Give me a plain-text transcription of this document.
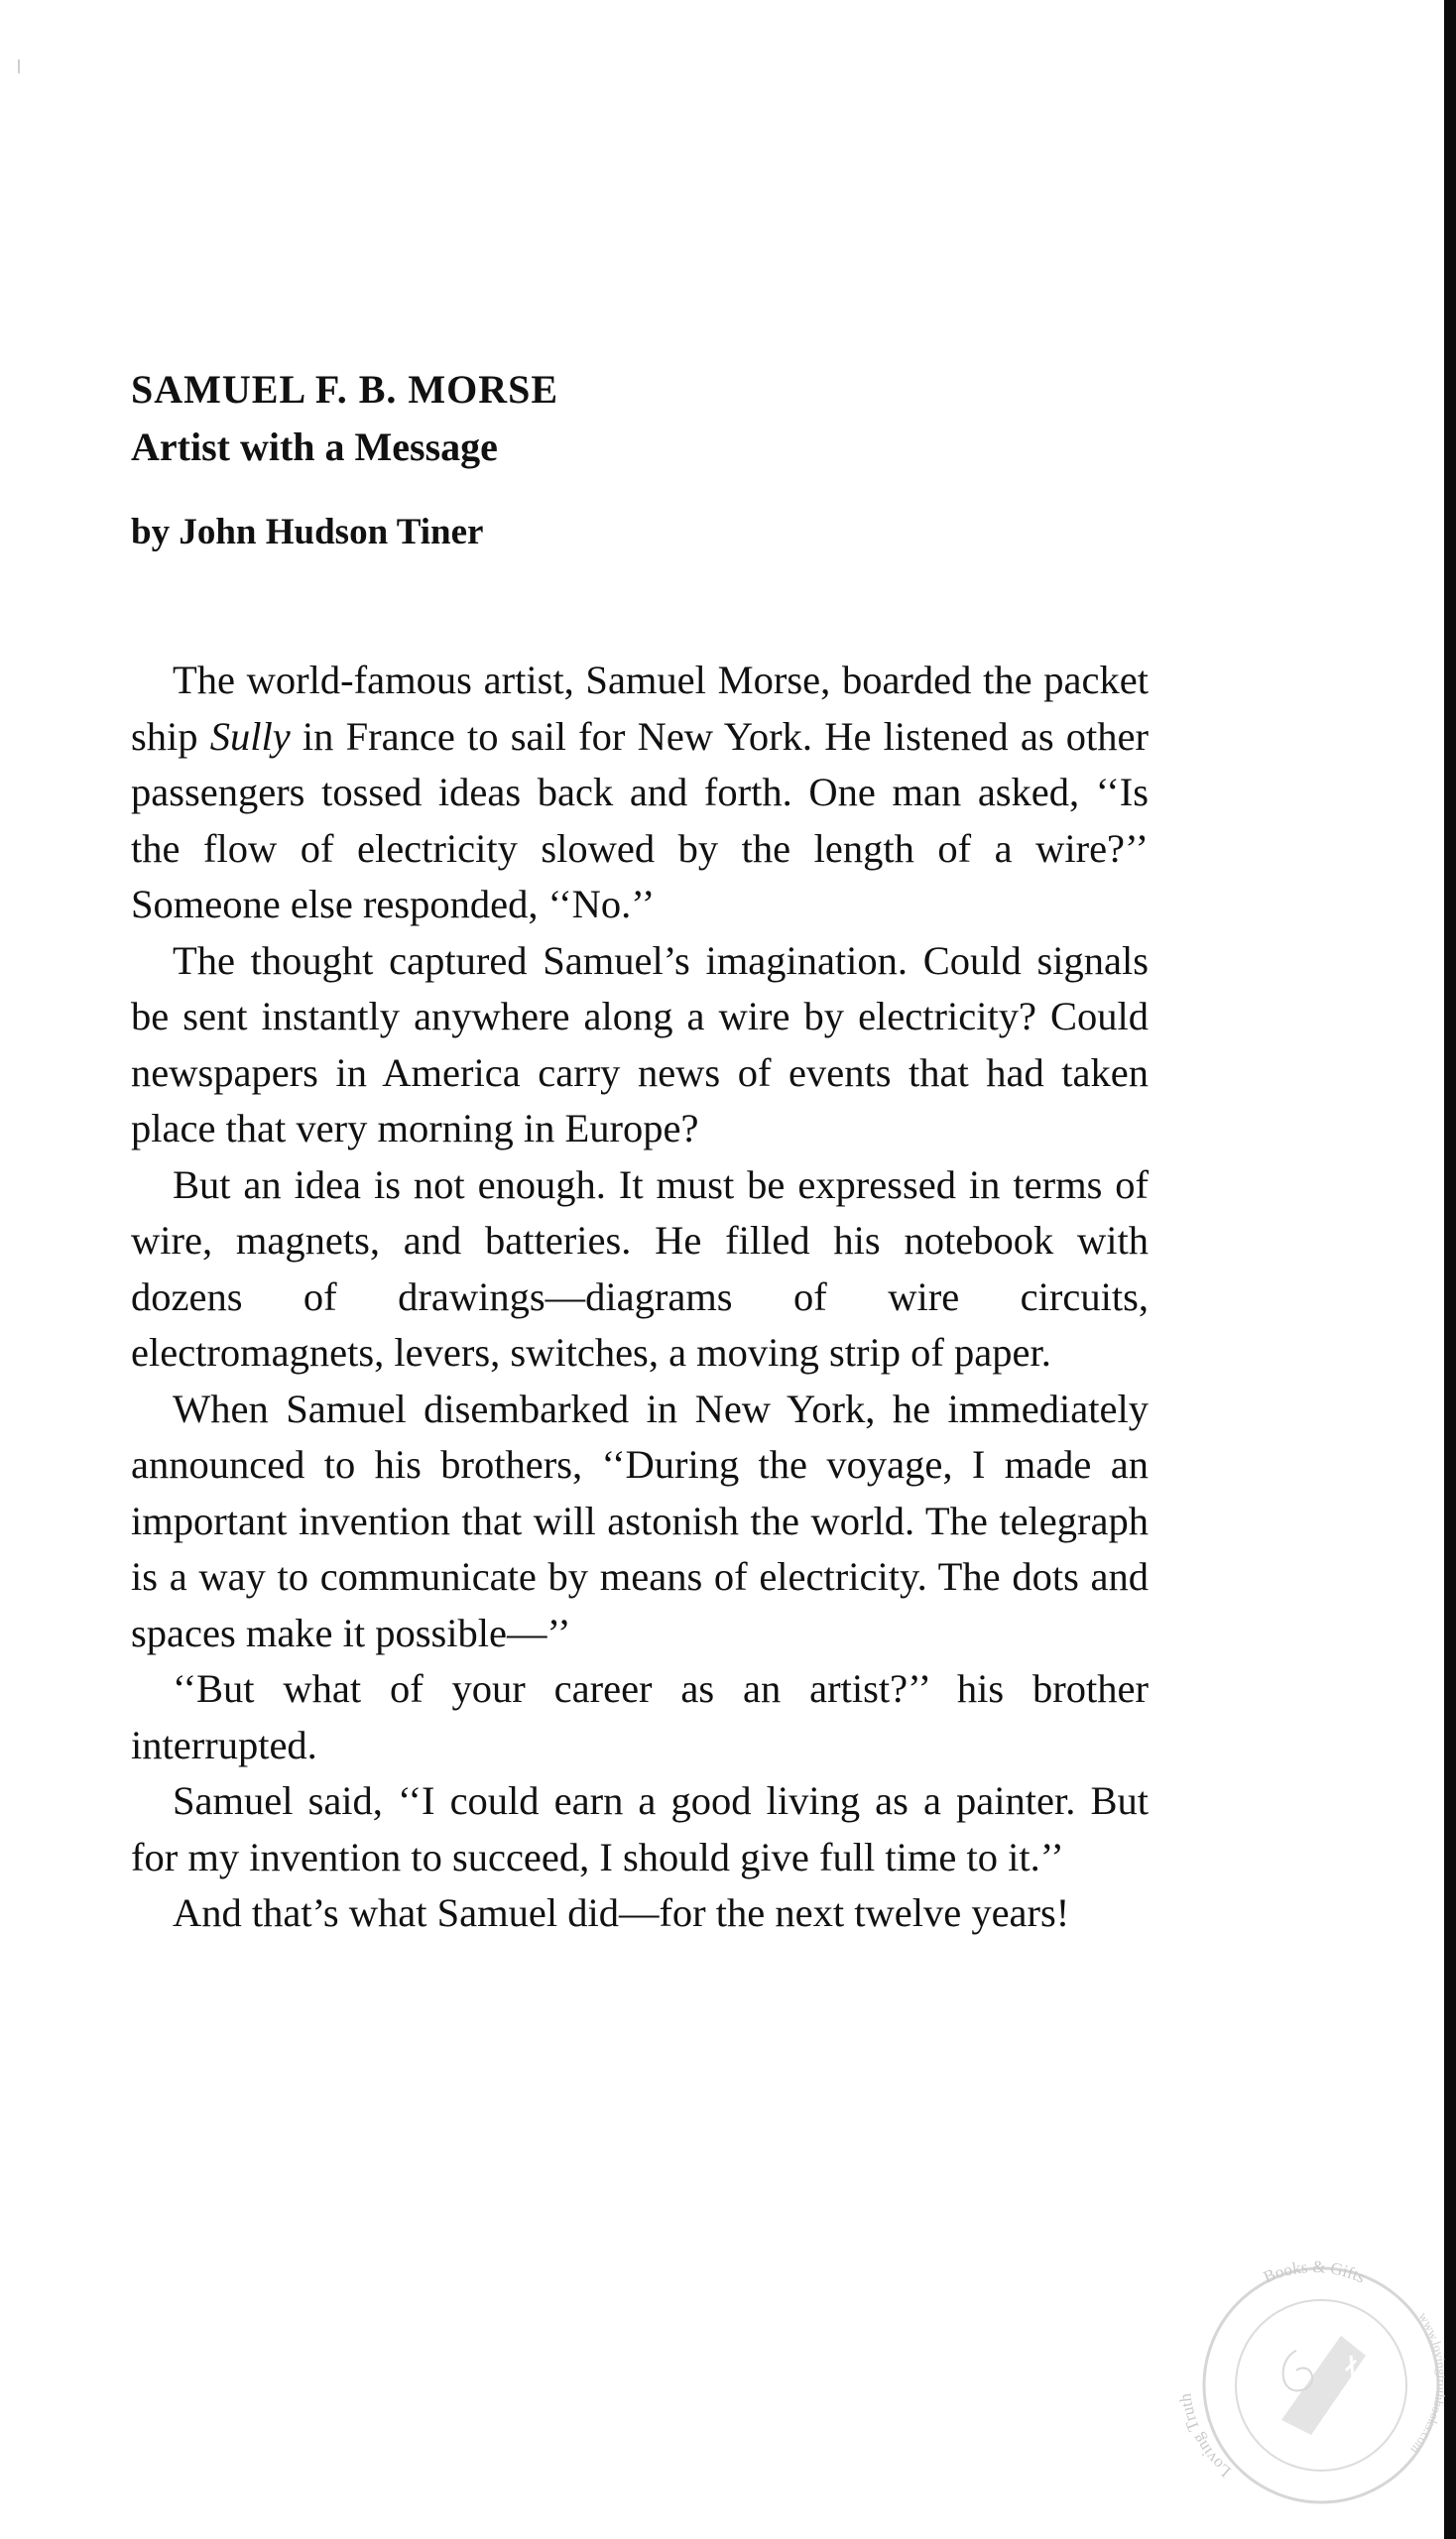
SAMUEL F. B. MORSE

Artist with a Message

by John Hudson Tiner

The world-famous artist, Samuel Morse, boarded the packet ship Sully in France to sail for New York. He listened as other passengers tossed ideas back and forth. One man asked, ‘‘Is the flow of electricity slowed by the length of a wire?’’ Someone else responded, ‘‘No.’’

The thought captured Samuel’s imagination. Could signals be sent instantly anywhere along a wire by electricity? Could newspapers in America carry news of events that had taken place that very morning in Europe?

But an idea is not enough. It must be expressed in terms of wire, magnets, and batteries. He filled his notebook with dozens of drawings—diagrams of wire circuits, electromagnets, levers, switches, a moving strip of paper.

When Samuel disembarked in New York, he immediately announced to his brothers, ‘‘During the voyage, I made an important invention that will astonish the world. The telegraph is a way to communicate by means of electricity. The dots and spaces make it possible—’’

‘‘But what of your career as an artist?’’ his brother interrupted.

Samuel said, ‘‘I could earn a good living as a painter. But for my invention to succeed, I should give full time to it.’’

And that’s what Samuel did—for the next twelve years!

Loving Truth
Books & Gifts
www.lovingtruthbooks.com
